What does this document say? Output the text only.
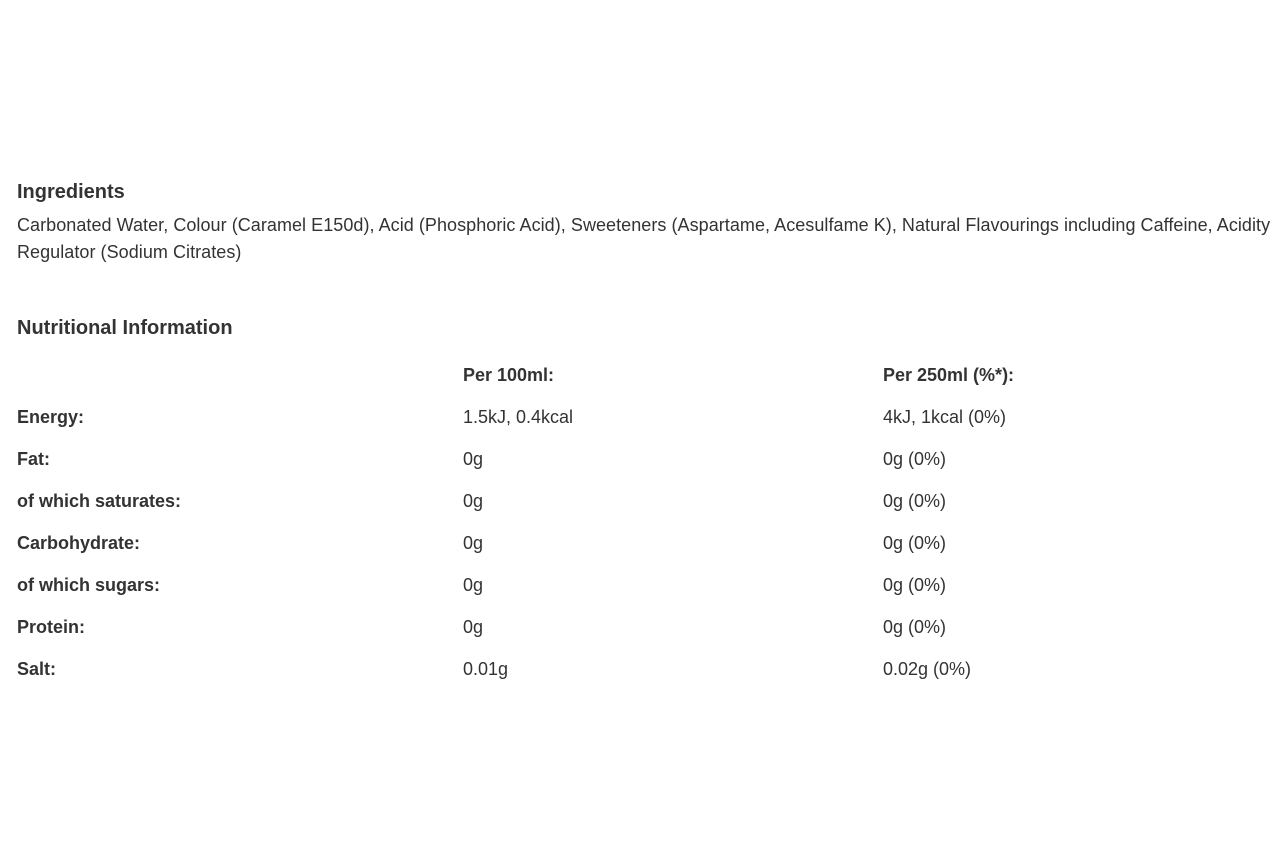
Ingredients

Carbonated Water, Colour (Caramel E150d), Acid (Phosphoric Acid), Sweeteners (Aspartame, Acesulfame K), Natural Flavourings including Caffeine, Acidity Regulator (Sodium Citrates)

Nutritional Information
	Per 100ml:	Per 250ml (%*):
Energy:	1.5kJ, 0.4kcal	4kJ, 1kcal (0%)
Fat:	0g	0g (0%)
of which saturates:	0g	0g (0%)
Carbohydrate:	0g	0g (0%)
of which sugars:	0g	0g (0%)
Protein:	0g	0g (0%)
Salt:	0.01g	0.02g (0%)
